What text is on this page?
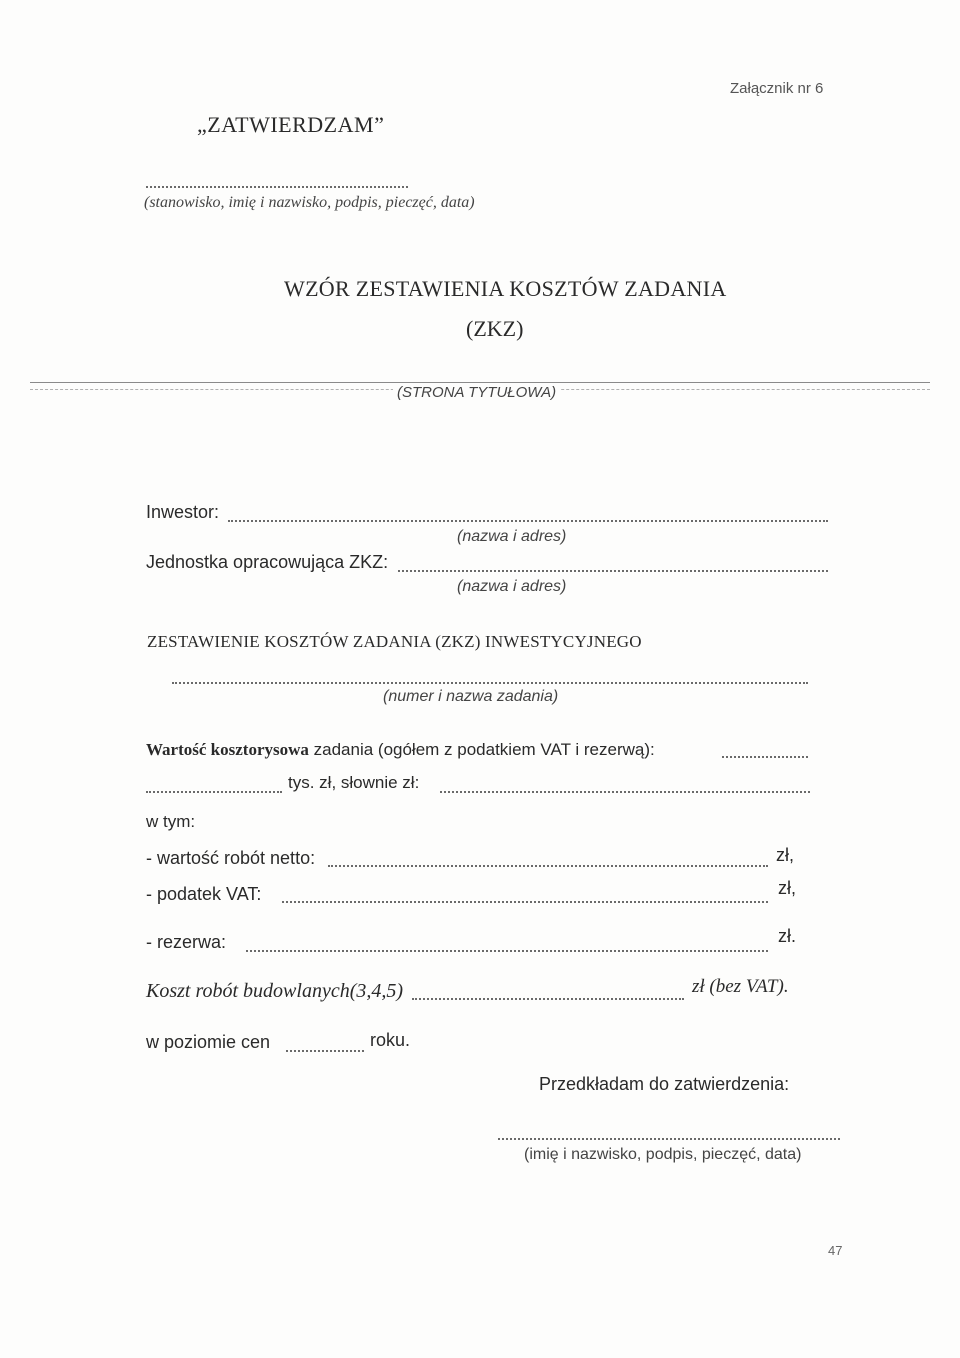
Załącznik nr 6
„ZATWIERDZAM”
(stanowisko, imię i nazwisko, podpis, pieczęć, data)
WZÓR ZESTAWIENIA KOSZTÓW ZADANIA
(ZKZ)
(STRONA TYTUŁOWA)
Inwestor:
(nazwa i adres)
Jednostka opracowująca ZKZ:
(nazwa i adres)
ZESTAWIENIE KOSZTÓW ZADANIA (ZKZ) INWESTYCYJNEGO
(numer i nazwa zadania)
Wartość kosztorysowa zadania (ogółem z podatkiem VAT i rezerwą):
tys. zł, słownie zł:
w tym:
- wartość robót netto:	zł,
- podatek VAT:	zł,
- rezerwa:	zł.
Koszt robót budowlanych(3,4,5)	zł (bez VAT).
w poziomie cen	roku.
Przedkładam do zatwierdzenia:
(imię i nazwisko, podpis, pieczęć, data)
47
